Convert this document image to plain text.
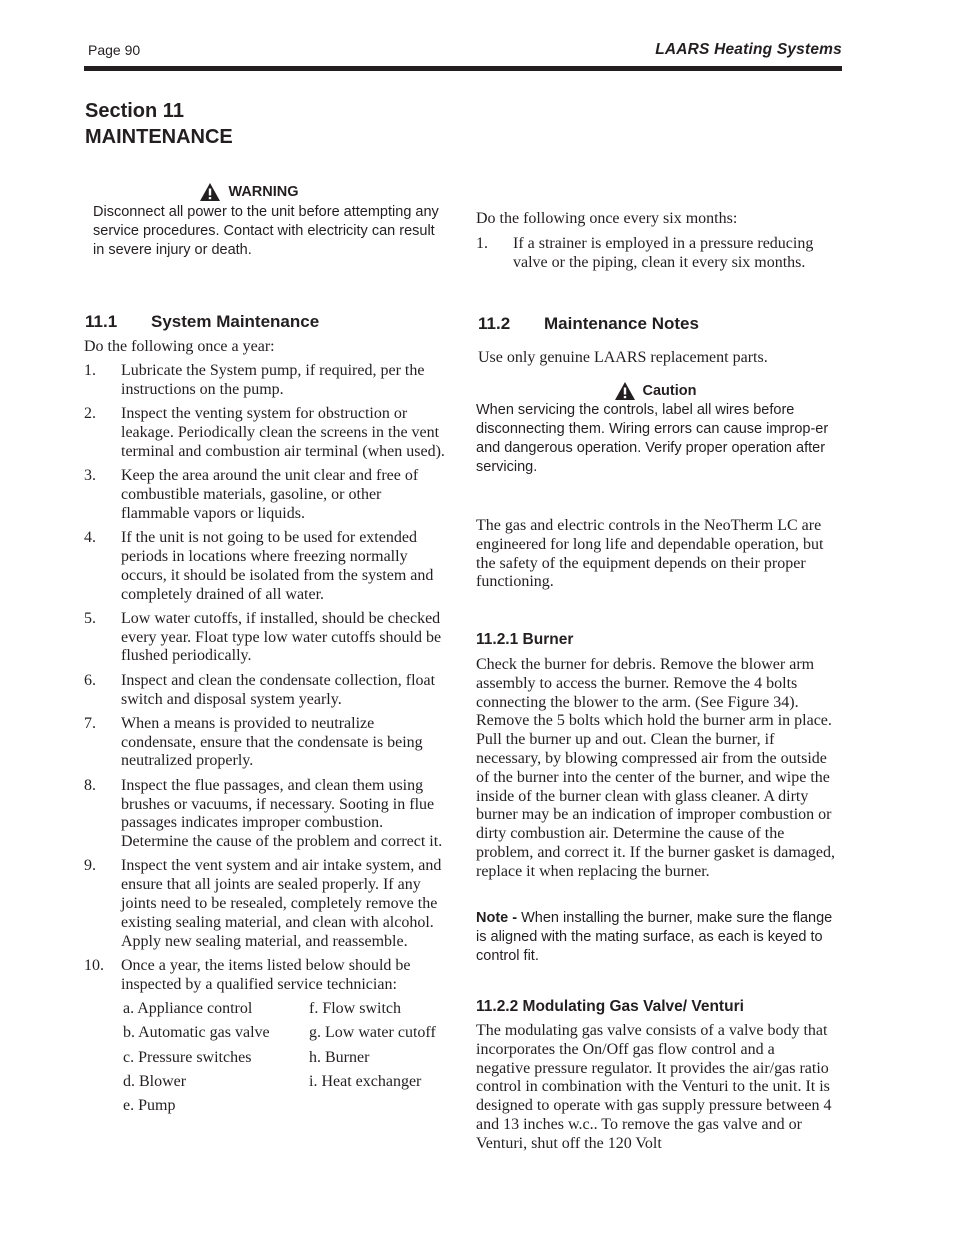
Page 90	LAARS Heating Systems
Section 11
MAINTENANCE
WARNING
Disconnect all power to the unit before attempting any service procedures. Contact with electricity can result in severe injury or death.
11.1 System Maintenance
Do the following once a year:
1. Lubricate the System pump, if required, per the instructions on the pump.
2. Inspect the venting system for obstruction or leakage. Periodically clean the screens in the vent terminal and combustion air terminal (when used).
3. Keep the area around the unit clear and free of combustible materials, gasoline, or other flammable vapors or liquids.
4. If the unit is not going to be used for extended periods in locations where freezing normally occurs, it should be isolated from the system and completely drained of all water.
5. Low water cutoffs, if installed, should be checked every year. Float type low water cutoffs should be flushed periodically.
6. Inspect and clean the condensate collection, float switch and disposal system yearly.
7. When a means is provided to neutralize condensate, ensure that the condensate is being neutralized properly.
8. Inspect the flue passages, and clean them using brushes or vacuums, if necessary. Sooting in flue passages indicates improper combustion. Determine the cause of the problem and correct it.
9. Inspect the vent system and air intake system, and ensure that all joints are sealed properly. If any joints need to be resealed, completely remove the existing sealing material, and clean with alcohol. Apply new sealing material, and reassemble.
10. Once a year, the items listed below should be inspected by a qualified service technician:
a. Appliance control	f. Flow switch
b. Automatic gas valve	g. Low water cutoff
c. Pressure switches	h. Burner
d. Blower	i. Heat exchanger
e. Pump
Do the following once every six months:
1. If a strainer is employed in a pressure reducing valve or the piping, clean it every six months.
11.2 Maintenance Notes
Use only genuine LAARS replacement parts.
Caution
When servicing the controls, label all wires before disconnecting them. Wiring errors can cause improp-er and dangerous operation. Verify proper operation after servicing.
The gas and electric controls in the NeoTherm LC are engineered for long life and dependable operation, but the safety of the equipment depends on their proper functioning.
11.2.1 Burner
Check the burner for debris. Remove the blower arm assembly to access the burner. Remove the 4 bolts connecting the blower to the arm. (See Figure 34). Remove the 5 bolts which hold the burner arm in place. Pull the burner up and out. Clean the burner, if necessary, by blowing compressed air from the outside of the burner into the center of the burner, and wipe the inside of the burner clean with glass cleaner. A dirty burner may be an indication of improper combustion or dirty combustion air. Determine the cause of the problem, and correct it. If the burner gasket is damaged, replace it when replacing the burner.
Note - When installing the burner, make sure the flange is aligned with the mating surface, as each is keyed to control fit.
11.2.2 Modulating Gas Valve/ Venturi
The modulating gas valve consists of a valve body that incorporates the On/Off gas flow control and a negative pressure regulator. It provides the air/gas ratio control in combination with the Venturi to the unit. It is designed to operate with gas supply pressure between 4 and 13 inches w.c.. To remove the gas valve and or Venturi, shut off the 120 Volt
